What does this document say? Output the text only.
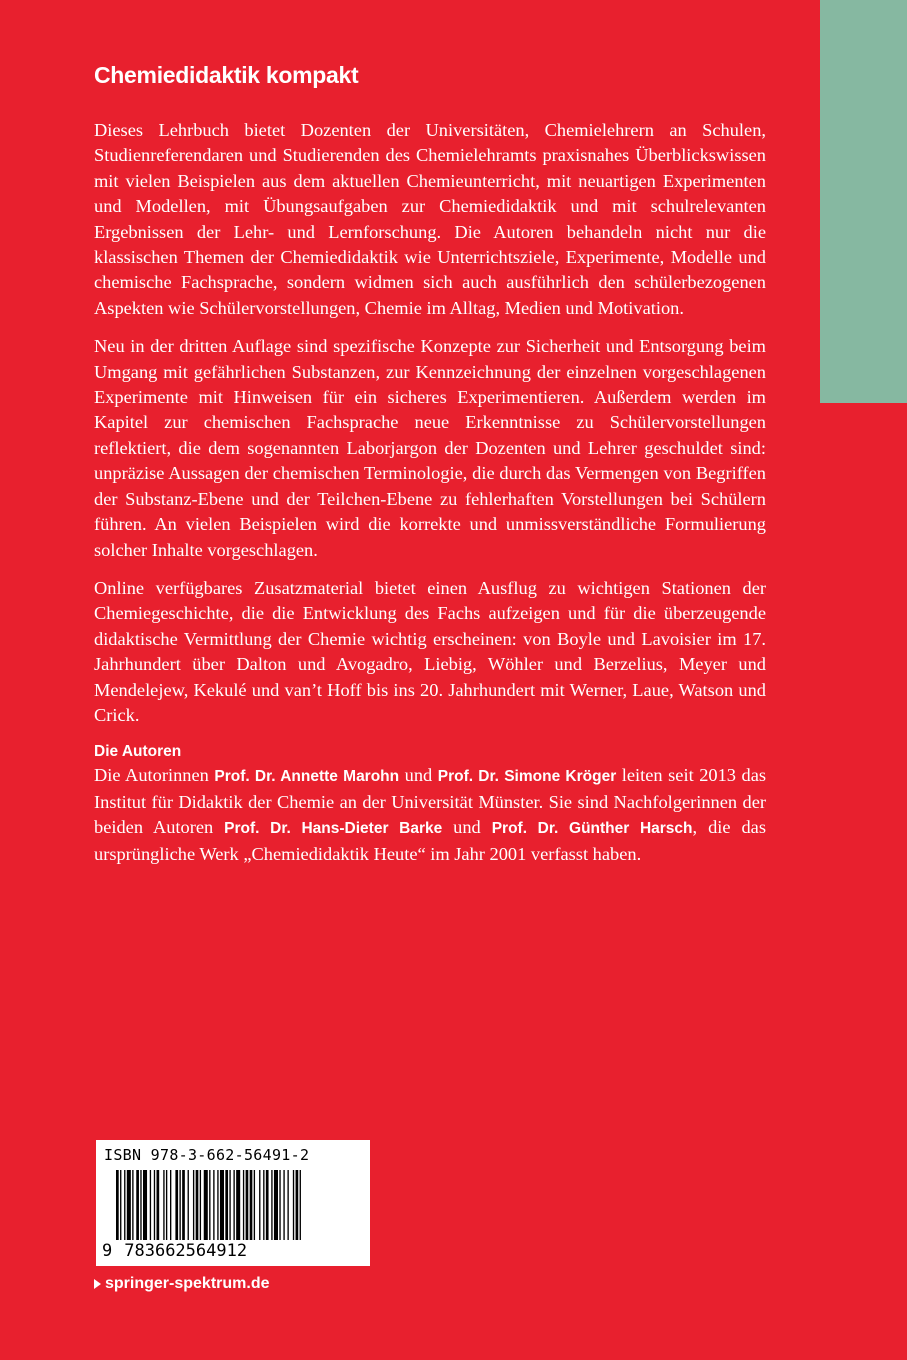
Chemiedidaktik kompakt

Dieses Lehrbuch bietet Dozenten der Universitäten, Chemielehrern an Schulen, Studienreferendaren und Studierenden des Chemielehramts praxisnahes Überblickswissen mit vielen Beispielen aus dem aktuellen Chemieunterricht, mit neuartigen Experimenten und Modellen, mit Übungsaufgaben zur Chemiedidaktik und mit schulrelevanten Ergebnissen der Lehr- und Lernforschung. Die Autoren behandeln nicht nur die klassischen Themen der Chemiedidaktik wie Unterrichtsziele, Experimente, Modelle und chemische Fachsprache, sondern widmen sich auch ausführlich den schülerbezogenen Aspekten wie Schülervorstellungen, Chemie im Alltag, Medien und Motivation.

Neu in der dritten Auflage sind spezifische Konzepte zur Sicherheit und Entsorgung beim Umgang mit gefährlichen Substanzen, zur Kennzeichnung der einzelnen vorgeschlagenen Experimente mit Hinweisen für ein sicheres Experimentieren. Außerdem werden im Kapitel zur chemischen Fachsprache neue Erkenntnisse zu Schülervorstellungen reflektiert, die dem sogenannten Laborjargon der Dozenten und Lehrer geschuldet sind: unpräzise Aussagen der chemischen Terminologie, die durch das Vermengen von Begriffen der Substanz-Ebene und der Teilchen-Ebene zu fehlerhaften Vorstellungen bei Schülern führen. An vielen Beispielen wird die korrekte und unmissverständliche Formulierung solcher Inhalte vorgeschlagen.

Online verfügbares Zusatzmaterial bietet einen Ausflug zu wichtigen Stationen der Chemiegeschichte, die die Entwicklung des Fachs aufzeigen und für die überzeugende didaktische Vermittlung der Chemie wichtig erscheinen: von Boyle und Lavoisier im 17. Jahrhundert über Dalton und Avogadro, Liebig, Wöhler und Berzelius, Meyer und Mendelejew, Kekulé und van’t Hoff bis ins 20. Jahrhundert mit Werner, Laue, Watson und Crick.

Die Autoren

Die Autorinnen Prof. Dr. Annette Marohn und Prof. Dr. Simone Kröger leiten seit 2013 das Institut für Didaktik der Chemie an der Universität Münster. Sie sind Nachfolgerinnen der beiden Autoren Prof. Dr. Hans-Dieter Barke und Prof. Dr. Günther Harsch, die das ursprüngliche Werk „Chemiedidaktik Heute“ im Jahr 2001 verfasst haben.

ISBN 978-3-662-56491-2
9 783662564912
springer-spektrum.de
